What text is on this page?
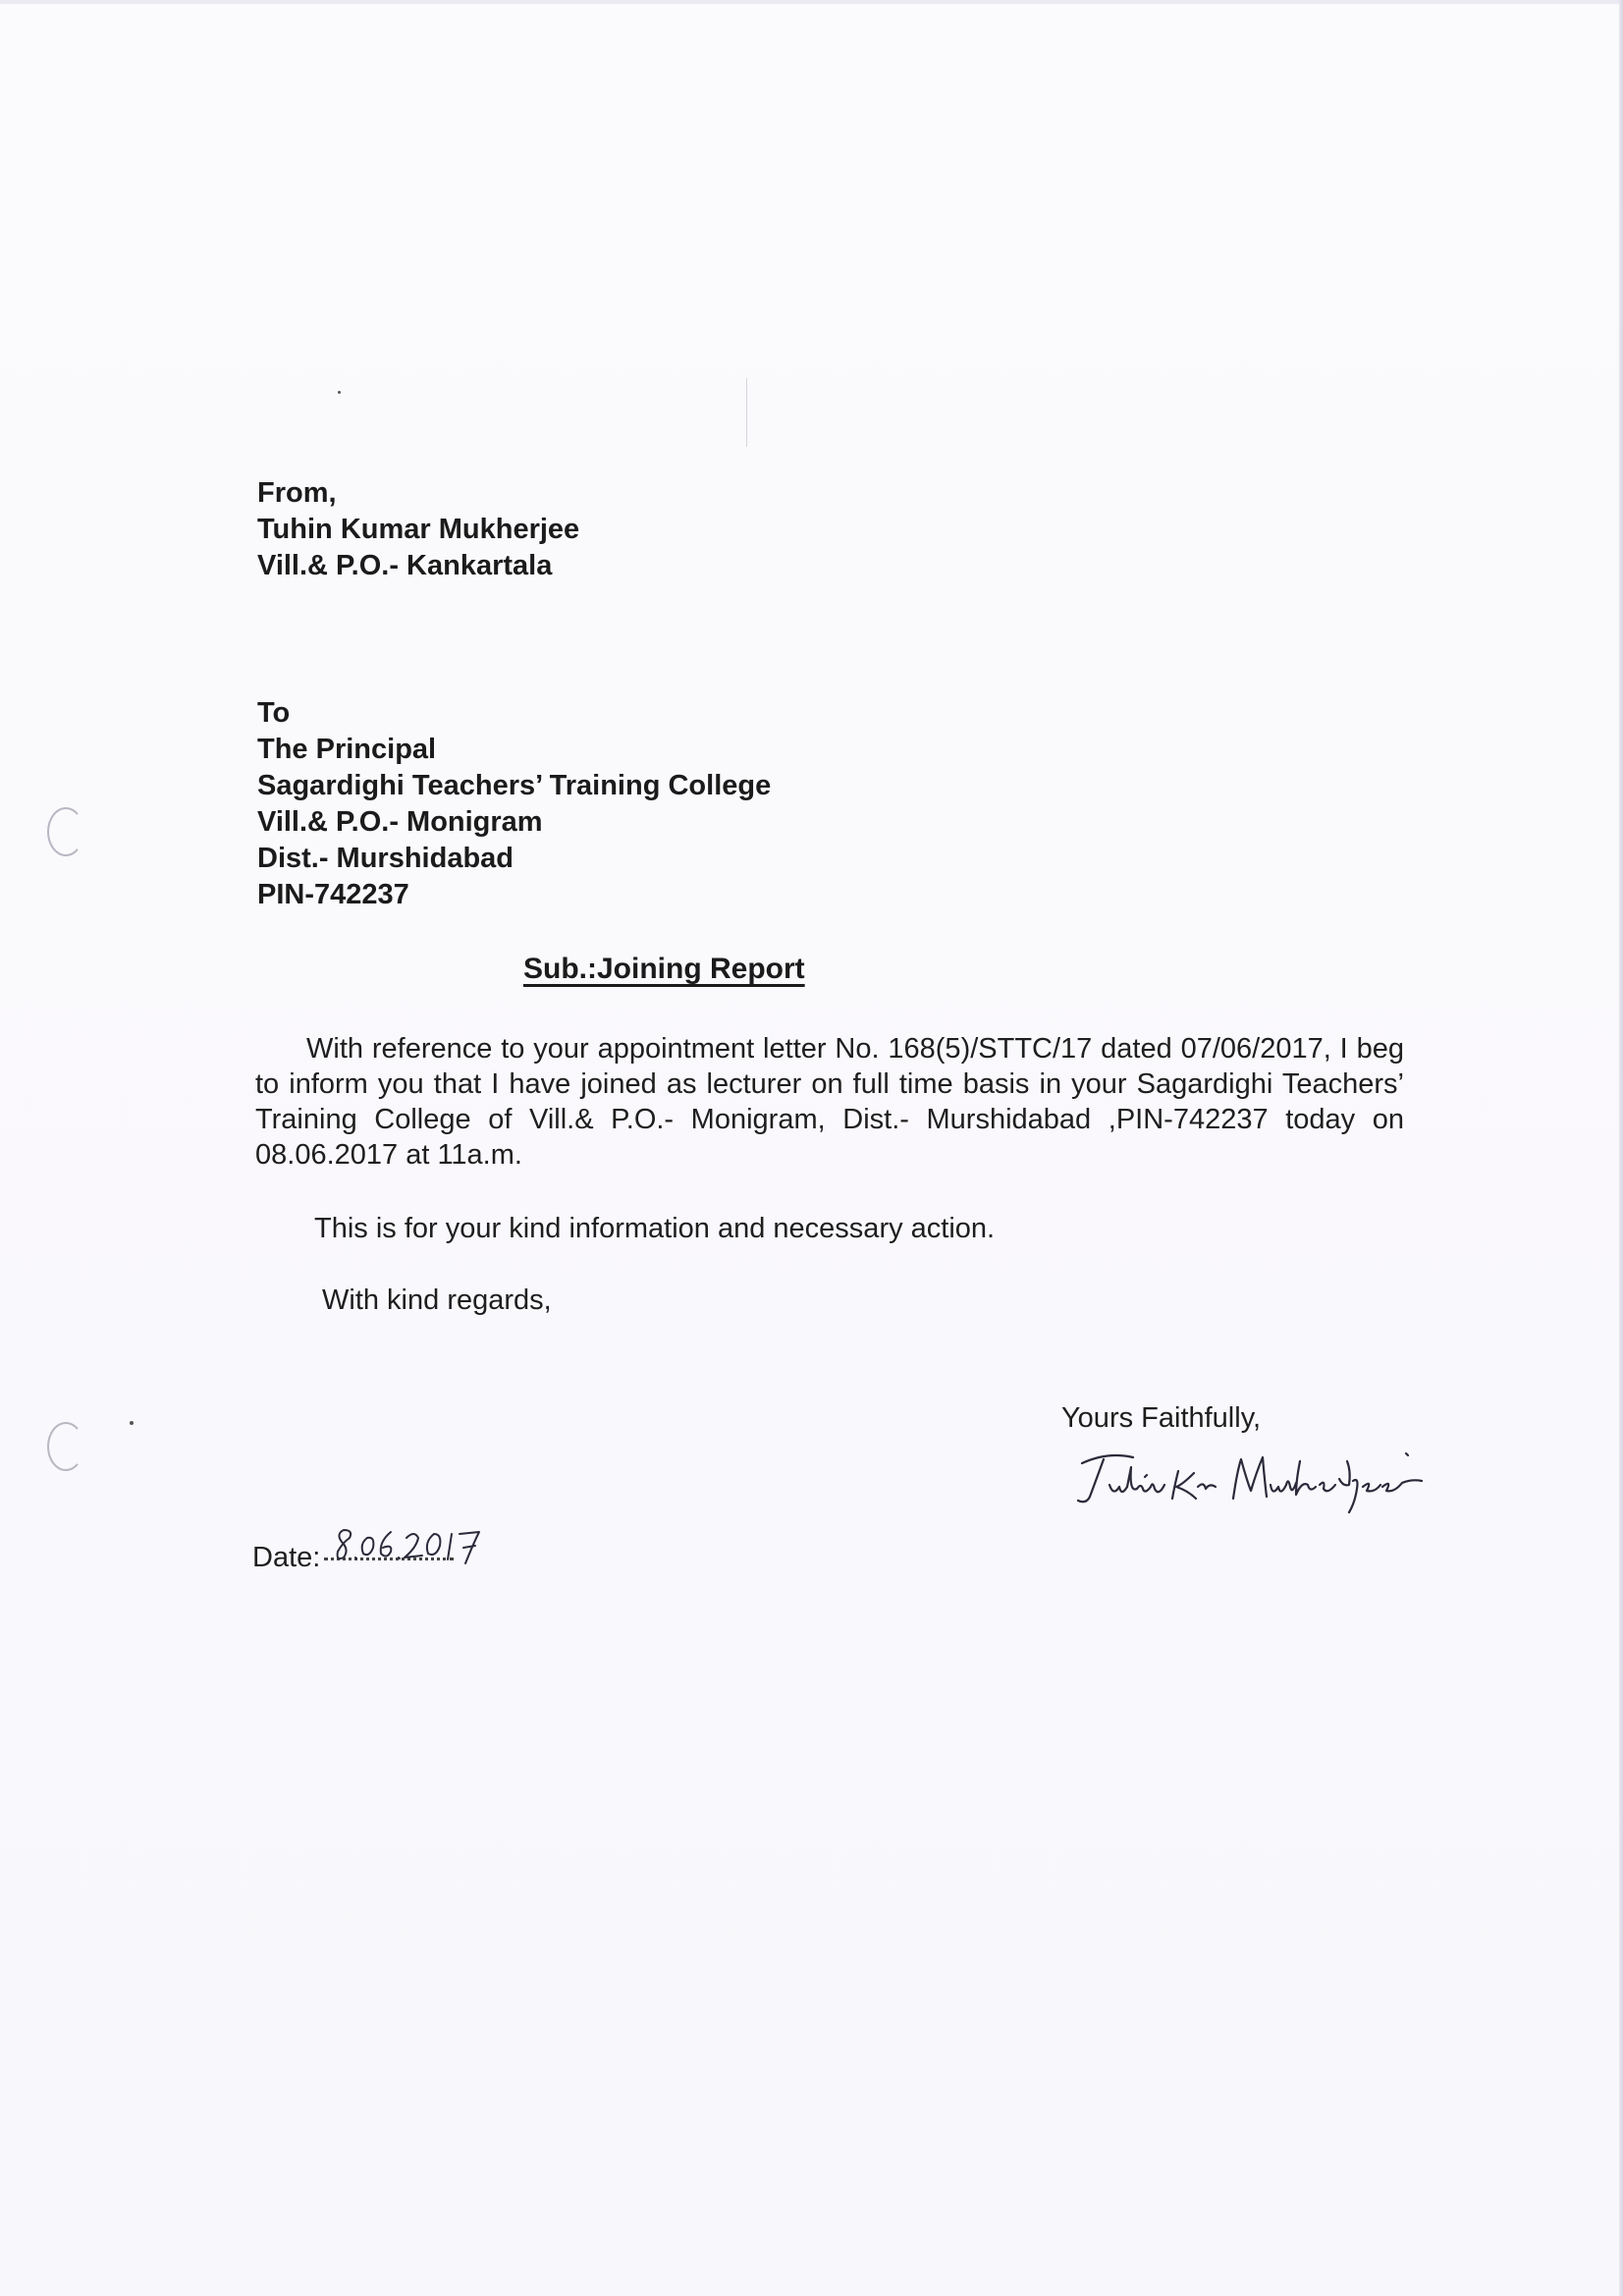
From,
Tuhin Kumar Mukherjee
Vill.& P.O.- Kankartala
To
The Principal
Sagardighi Teachers’ Training College
Vill.& P.O.- Monigram
Dist.- Murshidabad
PIN-742237
Sub.:Joining Report

With reference to your appointment letter No. 168(5)/STTC/17 dated 07/06/2017, I beg to inform you that I have joined as lecturer on full time basis in your Sagardighi Teachers’ Training College of Vill.& P.O.- Monigram, Dist.- Murshidabad ,PIN-742237 today on 08.06.2017 at 11a.m.

This is for your kind information and necessary action.
With kind regards,
Yours Faithfully,
Date:
